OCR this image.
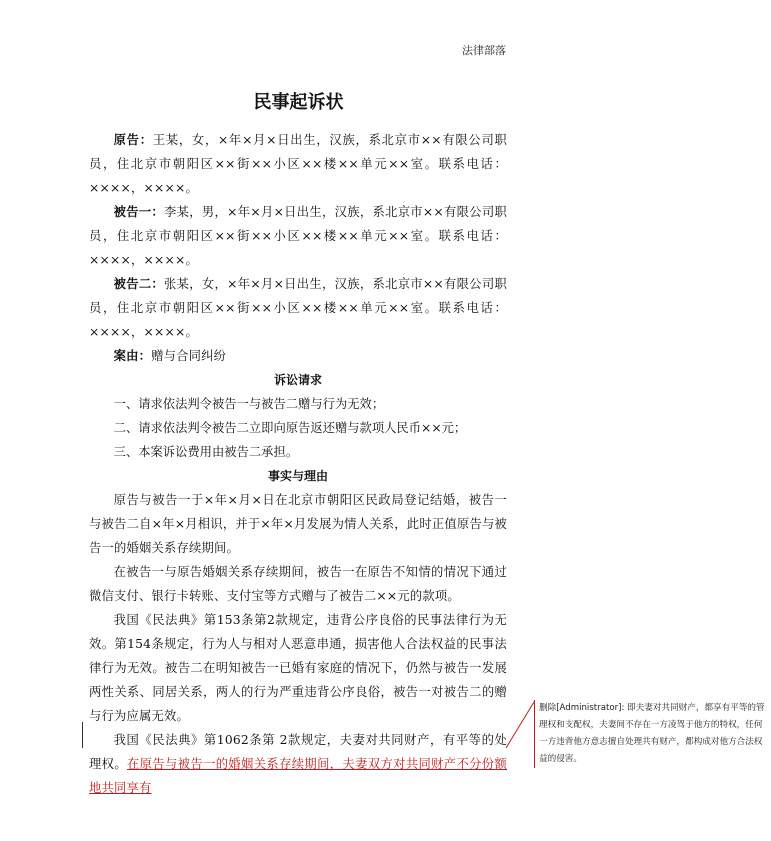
法律部落
民事起诉状

原告：王某，女，×年×月×日出生，汉族，系北京市××有限公司职员，住北京市朝阳区××街××小区××楼××单元××室。联系电话：××××，××××。

被告一：李某，男，×年×月×日出生，汉族，系北京市××有限公司职员，住北京市朝阳区××街××小区××楼××单元××室。联系电话：××××，××××。

被告二：张某，女，×年×月×日出生，汉族，系北京市××有限公司职员，住北京市朝阳区××街××小区××楼××单元××室。联系电话：××××，××××。

案由：赠与合同纠纷

诉讼请求

一、请求依法判令被告一与被告二赠与行为无效；

二、请求依法判令被告二立即向原告返还赠与款项人民币××元；

三、本案诉讼费用由被告二承担。

事实与理由

原告与被告一于×年×月×日在北京市朝阳区民政局登记结婚，被告一与被告二自×年×月相识，并于×年×月发展为情人关系，此时正值原告与被告一的婚姻关系存续期间。

在被告一与原告婚姻关系存续期间，被告一在原告不知情的情况下通过微信支付、银行卡转账、支付宝等方式赠与了被告二××元的款项。

我国《民法典》第153条第2款规定，违背公序良俗的民事法律行为无效。第154条规定，行为人与相对人恶意串通，损害他人合法权益的民事法律行为无效。被告二在明知被告一已婚有家庭的情况下，仍然与被告一发展两性关系、同居关系，两人的行为严重违背公序良俗，被告一对被告二的赠与行为应属无效。

我国《民法典》第1062条第 2款规定，夫妻对共同财产，有平等的处理权。在原告与被告一的婚姻关系存续期间，夫妻双方对共同财产不分份额地共同享有

删除[Administrator]: 即夫妻对共同财产，都享有平等的管理权和支配权，夫妻间不存在一方凌驾于他方的特权，任何一方违背他方意志擅自处理共有财产，都构成对他方合法权益的侵害。
